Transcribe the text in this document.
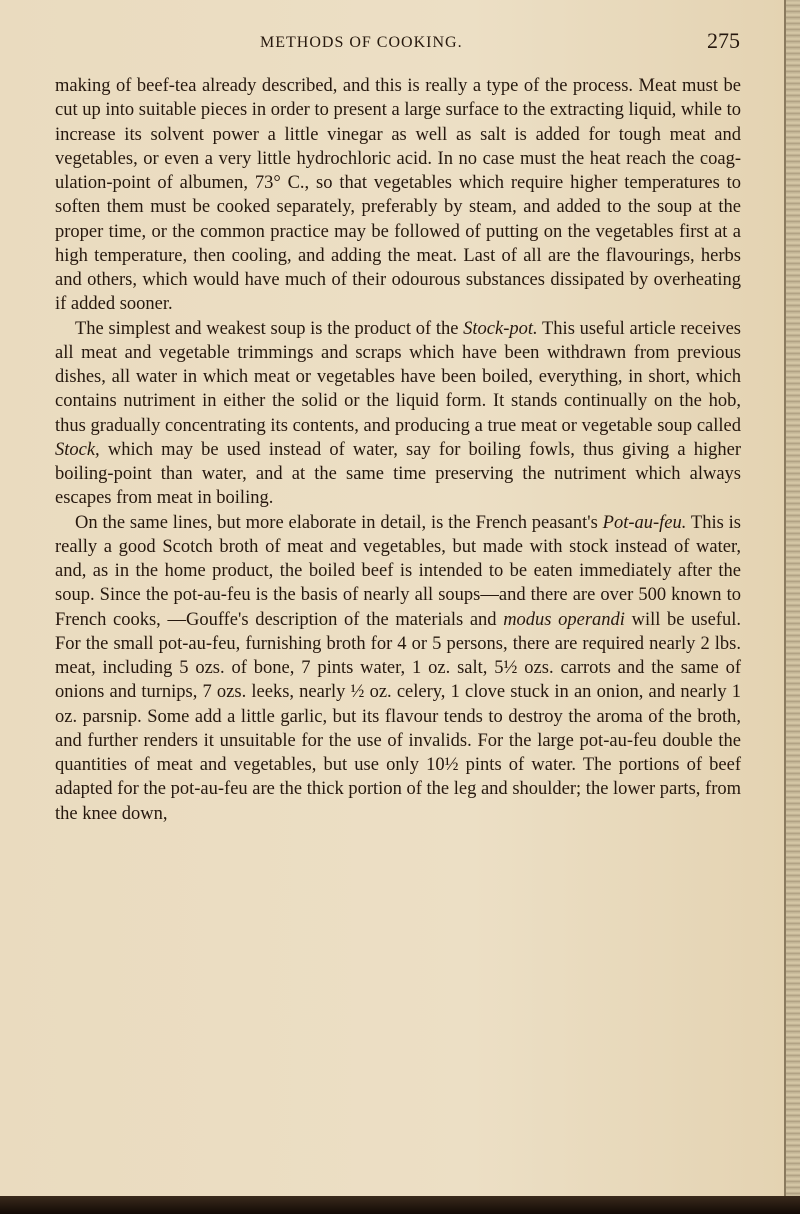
METHODS OF COOKING.	275

making of beef-tea already described, and this is really a type of the process. Meat must be cut up into suitable pieces in order to present a large surface to the extracting liquid, while to increase its solvent power a little vinegar as well as salt is added for tough meat and vegetables, or even a very little hydrochloric acid. In no case must the heat reach the coagulation-point of albumen, 73° C., so that vegetables which require higher temperatures to soften them must be cooked separately, preferably by steam, and added to the soup at the proper time, or the common practice may be followed of putting on the vegetables first at a high temperature, then cooling, and adding the meat. Last of all are the flavourings, herbs and others, which would have much of their odourous substances dissipated by overheating if added sooner.

The simplest and weakest soup is the product of the Stock-pot. This useful article receives all meat and vegetable trimmings and scraps which have been withdrawn from previous dishes, all water in which meat or vegetables have been boiled, everything, in short, which contains nutriment in either the solid or the liquid form. It stands continually on the hob, thus gradually concentrating its contents, and producing a true meat or vegetable soup called Stock, which may be used instead of water, say for boiling fowls, thus giving a higher boiling-point than water, and at the same time preserving the nutriment which always escapes from meat in boiling.

On the same lines, but more elaborate in detail, is the French peasant's Pot-au-feu. This is really a good Scotch broth of meat and vegetables, but made with stock instead of water, and, as in the home product, the boiled beef is intended to be eaten immediately after the soup. Since the pot-au-feu is the basis of nearly all soups—and there are over 500 known to French cooks, —Gouffe's description of the materials and modus operandi will be useful. For the small pot-au-feu, furnishing broth for 4 or 5 persons, there are required nearly 2 lbs. meat, including 5 ozs. of bone, 7 pints water, 1 oz. salt, 5½ ozs. carrots and the same of onions and turnips, 7 ozs. leeks, nearly ½ oz. celery, 1 clove stuck in an onion, and nearly 1 oz. parsnip. Some add a little garlic, but its flavour tends to destroy the aroma of the broth, and further renders it unsuitable for the use of invalids. For the large pot-au-feu double the quantities of meat and vegetables, but use only 10½ pints of water. The portions of beef adapted for the pot-au-feu are the thick portion of the leg and shoulder; the lower parts, from the knee down,
